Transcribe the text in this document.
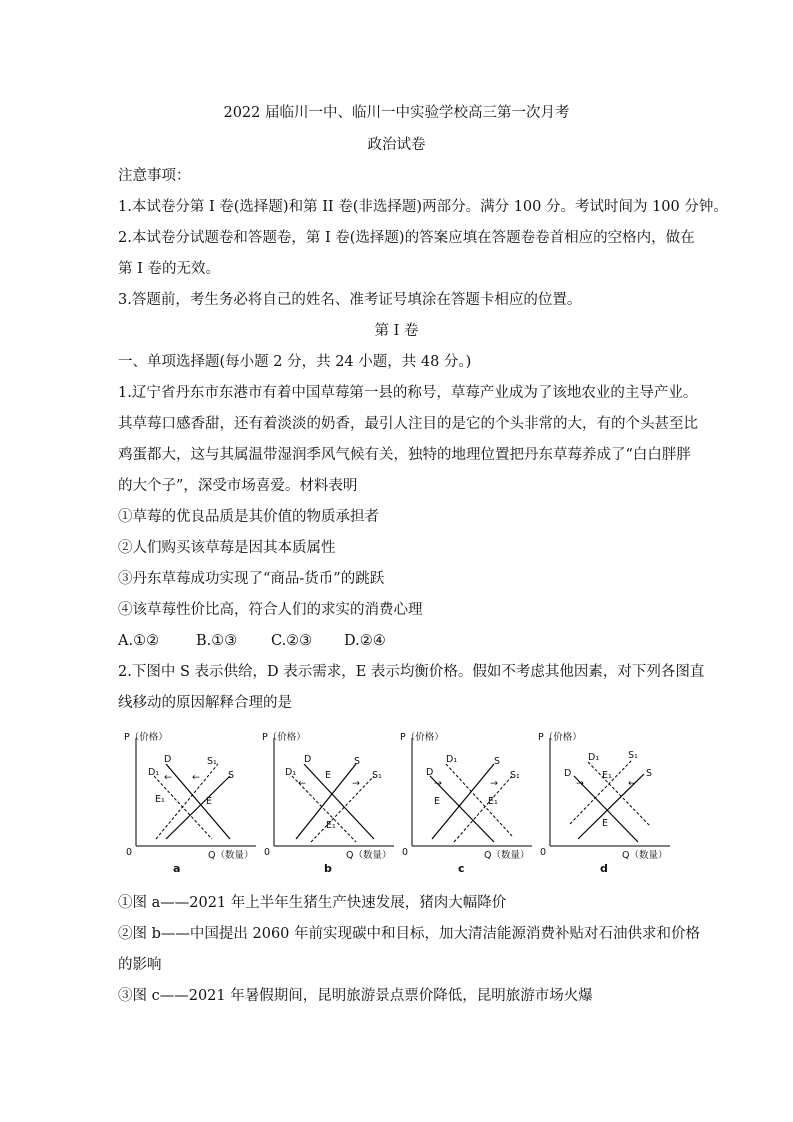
2022 届临川一中、临川一中实验学校高三第一次月考
政治试卷
注意事项：
1.本试卷分第 I 卷(选择题)和第 II 卷(非选择题)两部分。满分 100 分。考试时间为 100 分钟。
2.本试卷分试题卷和答题卷，第 I 卷(选择题)的答案应填在答题卷卷首相应的空格内，做在
第 I 卷的无效。
3.答题前，考生务必将自己的姓名、准考证号填涂在答题卡相应的位置。
第 I 卷
一、单项选择题(每小题 2 分，共 24 小题，共 48 分。)
1.辽宁省丹东市东港市有着中国草莓第一县的称号，草莓产业成为了该地农业的主导产业。
其草莓口感香甜，还有着淡淡的奶香，最引人注目的是它的个头非常的大，有的个头甚至比
鸡蛋都大，这与其属温带湿润季风气候有关，独特的地理位置把丹东草莓养成了“白白胖胖
的大个子”，深受市场喜爱。材料表明
①草莓的优良品质是其价值的物质承担者
②人们购买该草莓是因其本质属性
③丹东草莓成功实现了“商品-货币”的跳跃
④该草莓性价比高，符合人们的求实的消费心理
A.①②	B.①③ C.②③ D.②④
2.下图中 S 表示供给，D 表示需求，E 表示均衡价格。假如不考虑其他因素，对下列各图直
线移动的原因解释合理的是
P（价格）
Q（数量）
0
D
D₁
S₁
S
E₁	E
← ←
a
P（价格）
Q（数量）
0
D
D₁
S
S₁
E
E₁
←	→
b
P（价格）
Q（数量）
0
D₁
D
S
S₁
E	E₁
→	→
c
P（价格）
Q（数量）
0
D₁
D
S₁
S
E₁
E
→	←
d
①图 a——2021 年上半年生猪生产快速发展，猪肉大幅降价
②图 b——中国提出 2060 年前实现碳中和目标，加大清洁能源消费补贴对石油供求和价格
的影响
③图 c——2021 年暑假期间，昆明旅游景点票价降低，昆明旅游市场火爆
